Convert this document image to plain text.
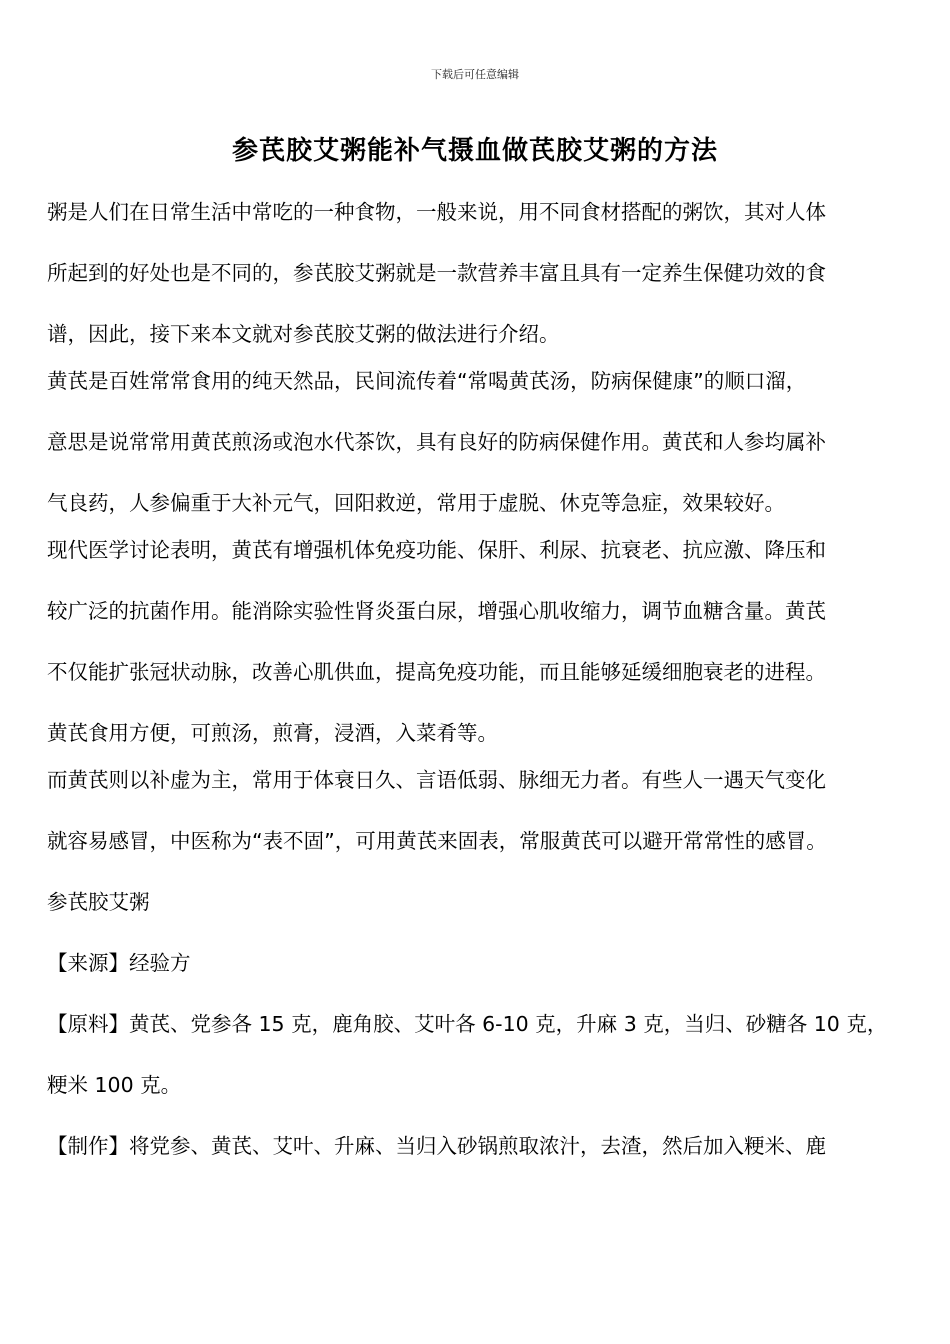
下载后可任意编辑
参芪胶艾粥能补气摄血做芪胶艾粥的方法
粥是人们在日常生活中常吃的一种食物，一般来说，用不同食材搭配的粥饮，其对人体
所起到的好处也是不同的，参芪胶艾粥就是一款营养丰富且具有一定养生保健功效的食
谱，因此，接下来本文就对参芪胶艾粥的做法进行介绍。
黄芪是百姓常常食用的纯天然品，民间流传着“常喝黄芪汤，防病保健康”的顺口溜，
意思是说常常用黄芪煎汤或泡水代茶饮，具有良好的防病保健作用。黄芪和人参均属补
气良药，人参偏重于大补元气，回阳救逆，常用于虚脱、休克等急症，效果较好。
现代医学讨论表明，黄芪有增强机体免疫功能、保肝、利尿、抗衰老、抗应激、降压和
较广泛的抗菌作用。能消除实验性肾炎蛋白尿，增强心肌收缩力，调节血糖含量。黄芪
不仅能扩张冠状动脉，改善心肌供血，提高免疫功能，而且能够延缓细胞衰老的进程。
黄芪食用方便，可煎汤，煎膏，浸酒，入菜肴等。
而黄芪则以补虚为主，常用于体衰日久、言语低弱、脉细无力者。有些人一遇天气变化
就容易感冒，中医称为“表不固”，可用黄芪来固表，常服黄芪可以避开常常性的感冒。
参芪胶艾粥
【来源】经验方
【原料】黄芪、党参各 15 克，鹿角胶、艾叶各 6-10 克，升麻 3 克，当归、砂糖各 10 克，
粳米 100 克。
【制作】将党参、黄芪、艾叶、升麻、当归入砂锅煎取浓汁，去渣，然后加入粳米、鹿
